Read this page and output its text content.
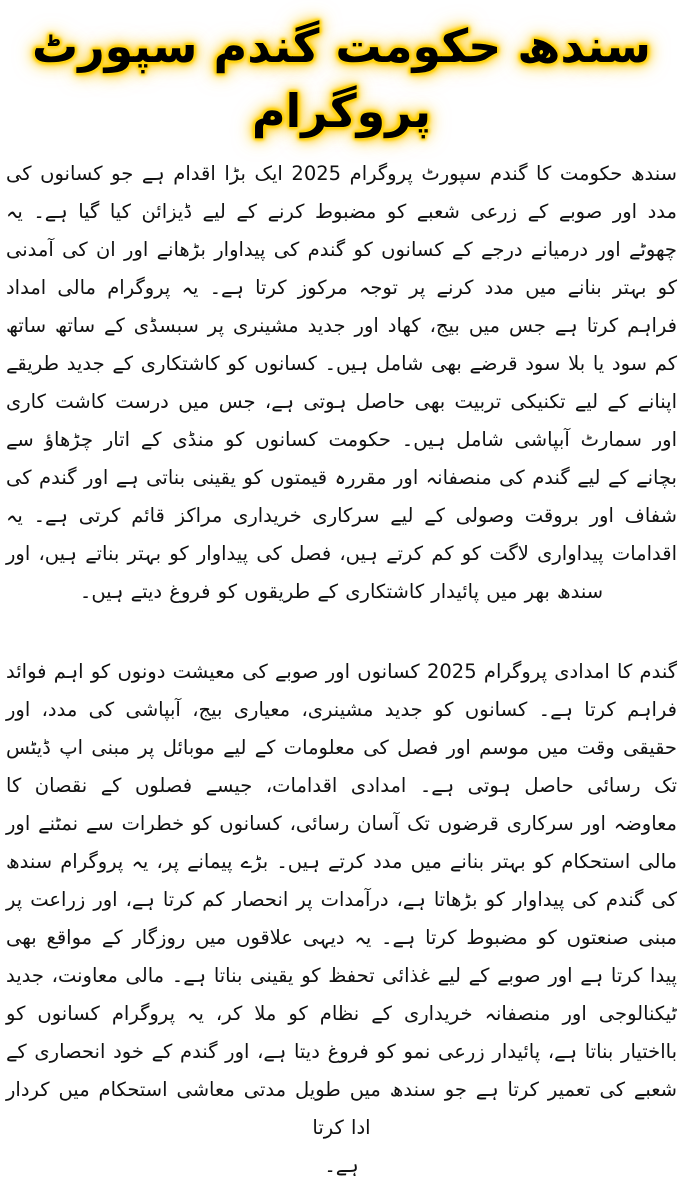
سندھ حکومت گندم سپورٹ
پروگرام

سندھ حکومت کا گندم سپورٹ پروگرام 2025 ایک بڑا اقدام ہے جو کسانوں کی مدد اور صوبے کے زرعی شعبے کو مضبوط کرنے کے لیے ڈیزائن کیا گیا ہے۔ یہ چھوٹے اور درمیانے درجے کے کسانوں کو گندم کی پیداوار بڑھانے اور ان کی آمدنی کو بہتر بنانے میں مدد کرنے پر توجہ مرکوز کرتا ہے۔ یہ پروگرام مالی امداد فراہم کرتا ہے جس میں بیج، کھاد اور جدید مشینری پر سبسڈی کے ساتھ ساتھ کم سود یا بلا سود قرضے بھی شامل ہیں۔ کسانوں کو کاشتکاری کے جدید طریقے اپنانے کے لیے تکنیکی تربیت بھی حاصل ہوتی ہے، جس میں درست کاشت کاری اور سمارٹ آبپاشی شامل ہیں۔ حکومت کسانوں کو منڈی کے اتار چڑھاؤ سے بچانے کے لیے گندم کی منصفانہ اور مقررہ قیمتوں کو یقینی بناتی ہے اور گندم کی شفاف اور بروقت وصولی کے لیے سرکاری خریداری مراکز قائم کرتی ہے۔ یہ اقدامات پیداواری لاگت کو کم کرتے ہیں، فصل کی پیداوار کو بہتر بناتے ہیں، اور سندھ بھر میں پائیدار کاشتکاری کے طریقوں کو فروغ دیتے ہیں۔

گندم کا امدادی پروگرام 2025 کسانوں اور صوبے کی معیشت دونوں کو اہم فوائد فراہم کرتا ہے۔ کسانوں کو جدید مشینری، معیاری بیج، آبپاشی کی مدد، اور حقیقی وقت میں موسم اور فصل کی معلومات کے لیے موبائل پر مبنی اپ ڈیٹس تک رسائی حاصل ہوتی ہے۔ امدادی اقدامات، جیسے فصلوں کے نقصان کا معاوضہ اور سرکاری قرضوں تک آسان رسائی، کسانوں کو خطرات سے نمٹنے اور مالی استحکام کو بہتر بنانے میں مدد کرتے ہیں۔ بڑے پیمانے پر، یہ پروگرام سندھ کی گندم کی پیداوار کو بڑھاتا ہے، درآمدات پر انحصار کم کرتا ہے، اور زراعت پر مبنی صنعتوں کو مضبوط کرتا ہے۔ یہ دیہی علاقوں میں روزگار کے مواقع بھی پیدا کرتا ہے اور صوبے کے لیے غذائی تحفظ کو یقینی بناتا ہے۔ مالی معاونت، جدید ٹیکنالوجی اور منصفانہ خریداری کے نظام کو ملا کر، یہ پروگرام کسانوں کو بااختیار بناتا ہے، پائیدار زرعی نمو کو فروغ دیتا ہے، اور گندم کے خود انحصاری کے شعبے کی تعمیر کرتا ہے جو سندھ میں طویل مدتی معاشی استحکام میں کردار ادا کرتا
ہے۔
